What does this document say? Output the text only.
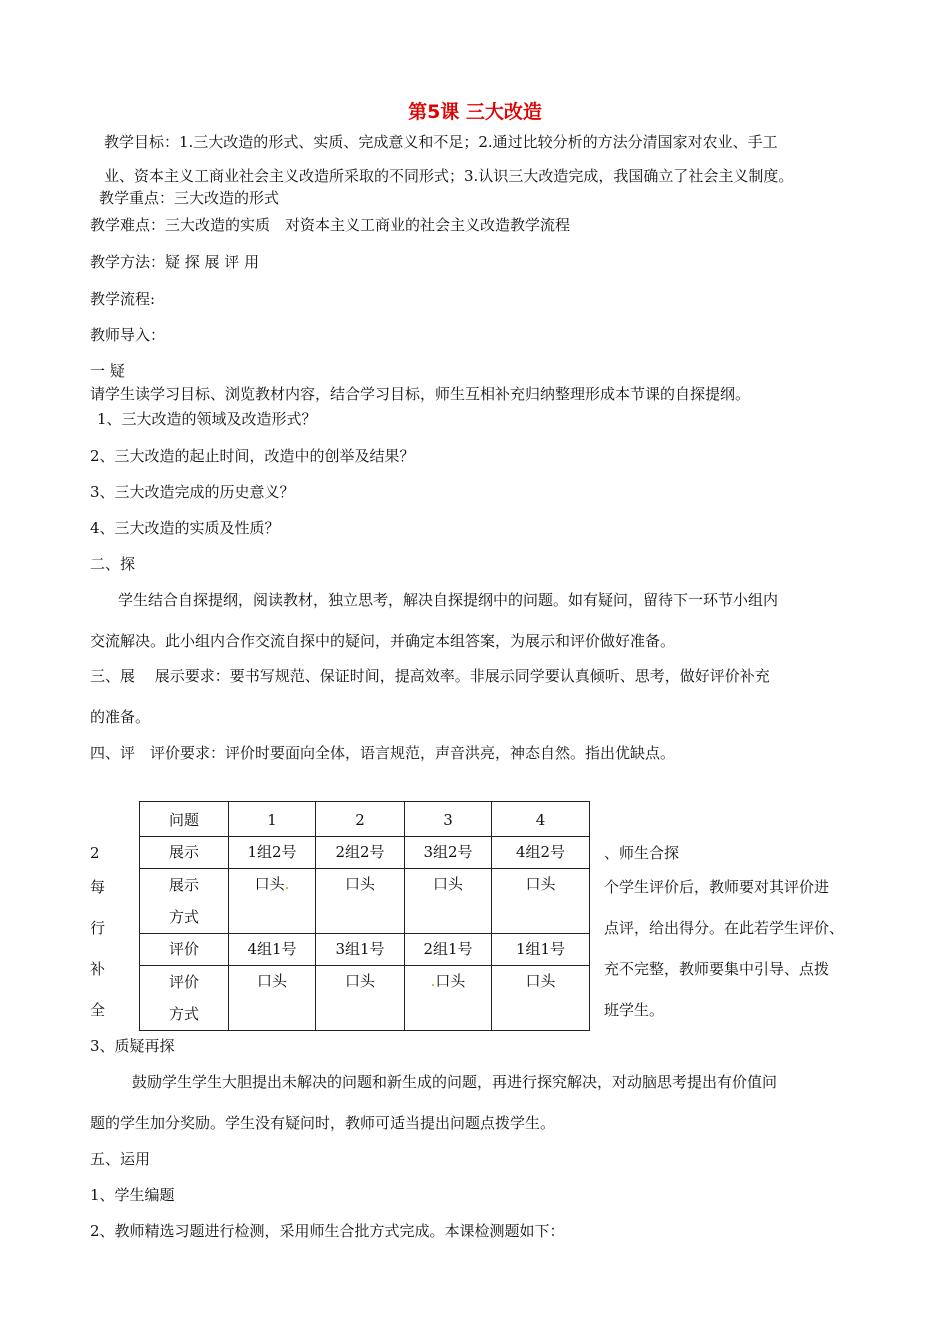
第5课 三大改造
教学目标：1.三大改造的形式、实质、完成意义和不足；2.通过比较分析的方法分清国家对农业、手工
业、资本主义工商业社会主义改造所采取的不同形式；3.认识三大改造完成，我国确立了社会主义制度。
教学重点：三大改造的形式
教学难点：三大改造的实质　对资本主义工商业的社会主义改造教学流程
教学方法：疑 探 展 评 用
教学流程:
教师导入：
一 疑
请学生读学习目标、浏览教材内容，结合学习目标，师生互相补充归纳整理形成本节课的自探提纲。
1、三大改造的领域及改造形式？
2、三大改造的起止时间，改造中的创举及结果？
3、三大改造完成的历史意义？
4、三大改造的实质及性质？
二、探
学生结合自探提纲，阅读教材，独立思考，解决自探提纲中的问题。如有疑问，留待下一环节小组内
交流解决。此小组内合作交流自探中的疑问，并确定本组答案，为展示和评价做好准备。
三、展　 展示要求：要书写规范、保证时间，提高效率。非展示同学要认真倾听、思考，做好评价补充
的准备。
四、评　评价要求：评价时要面向全体，语言规范，声音洪亮，神态自然。指出优缺点。
2
每
行
补
全
问题	1	2	3	4
展示	1组2号	2组2号	3组2号	4组2号
展示方式	口头.	口头	口头	口头
评价	4组1号	3组1号	2组1号	1组1号
评价方式	口头	口头	.口头	口头
、师生合探
个学生评价后，教师要对其评价进
点评，给出得分。在此若学生评价、
充不完整，教师要集中引导、点拨
班学生。
3、质疑再探
鼓励学生学生大胆提出未解决的问题和新生成的问题，再进行探究解决，对动脑思考提出有价值问
题的学生加分奖励。学生没有疑问时，教师可适当提出问题点拨学生。
五、运用
1、学生编题
2、教师精选习题进行检测，采用师生合批方式完成。本课检测题如下：
